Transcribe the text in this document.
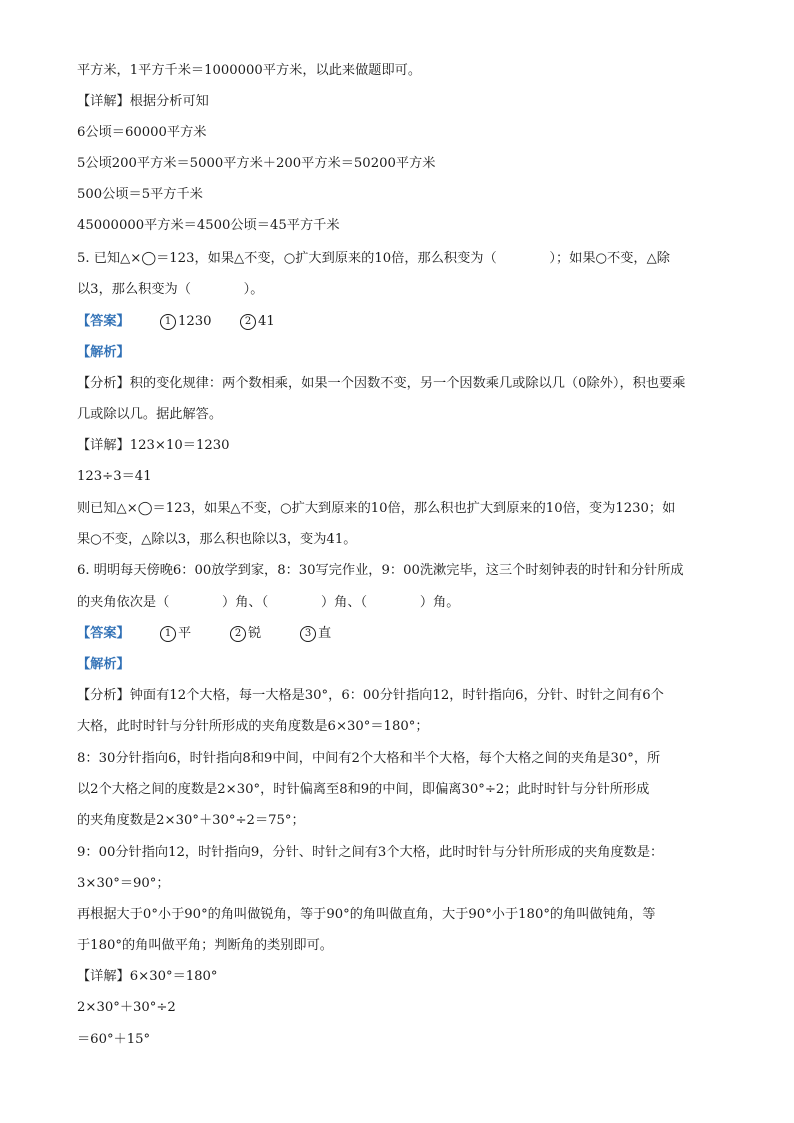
平方米，1平方千米＝1000000平方米，以此来做题即可。
【详解】根据分析可知
6公顷＝60000平方米
5公顷200平方米＝5000平方米＋200平方米＝50200平方米
500公顷＝5平方千米
45000000平方米＝4500公顷＝45平方千米
5. 已知△×◯＝123，如果△不变，○扩大到原来的10倍，那么积变为（　　　　）；如果○不变，△除
以3，那么积变为（　　　　）。
【答案】	1 1230	2 41
【解析】
【分析】积的变化规律：两个数相乘，如果一个因数不变，另一个因数乘几或除以几（0除外），积也要乘
几或除以几。据此解答。
【详解】123×10＝1230
123÷3＝41
则已知△×◯＝123，如果△不变，○扩大到原来的10倍，那么积也扩大到原来的10倍，变为1230；如
果○不变，△除以3，那么积也除以3，变为41。
6. 明明每天傍晚6：00放学到家，8：30写完作业，9：00洗漱完毕，这三个时刻钟表的时针和分针所成
的夹角依次是（　　　　）角、（　　　　）角、（　　　　）角。
【答案】	1 平	2 锐	3 直
【解析】
【分析】钟面有12个大格，每一大格是30°，6：00分针指向12，时针指向6，分针、时针之间有6个
大格，此时时针与分针所形成的夹角度数是6×30°＝180°；
8：30分针指向6，时针指向8和9中间，中间有2个大格和半个大格，每个大格之间的夹角是30°，所
以2个大格之间的度数是2×30°，时针偏离至8和9的中间，即偏离30°÷2；此时时针与分针所形成
的夹角度数是2×30°＋30°÷2＝75°；
9：00分针指向12，时针指向9，分针、时针之间有3个大格，此时时针与分针所形成的夹角度数是：
3×30°＝90°；
再根据大于0°小于90°的角叫做锐角，等于90°的角叫做直角，大于90°小于180°的角叫做钝角，等
于180°的角叫做平角；判断角的类别即可。
【详解】6×30°＝180°
2×30°＋30°÷2
＝60°＋15°
